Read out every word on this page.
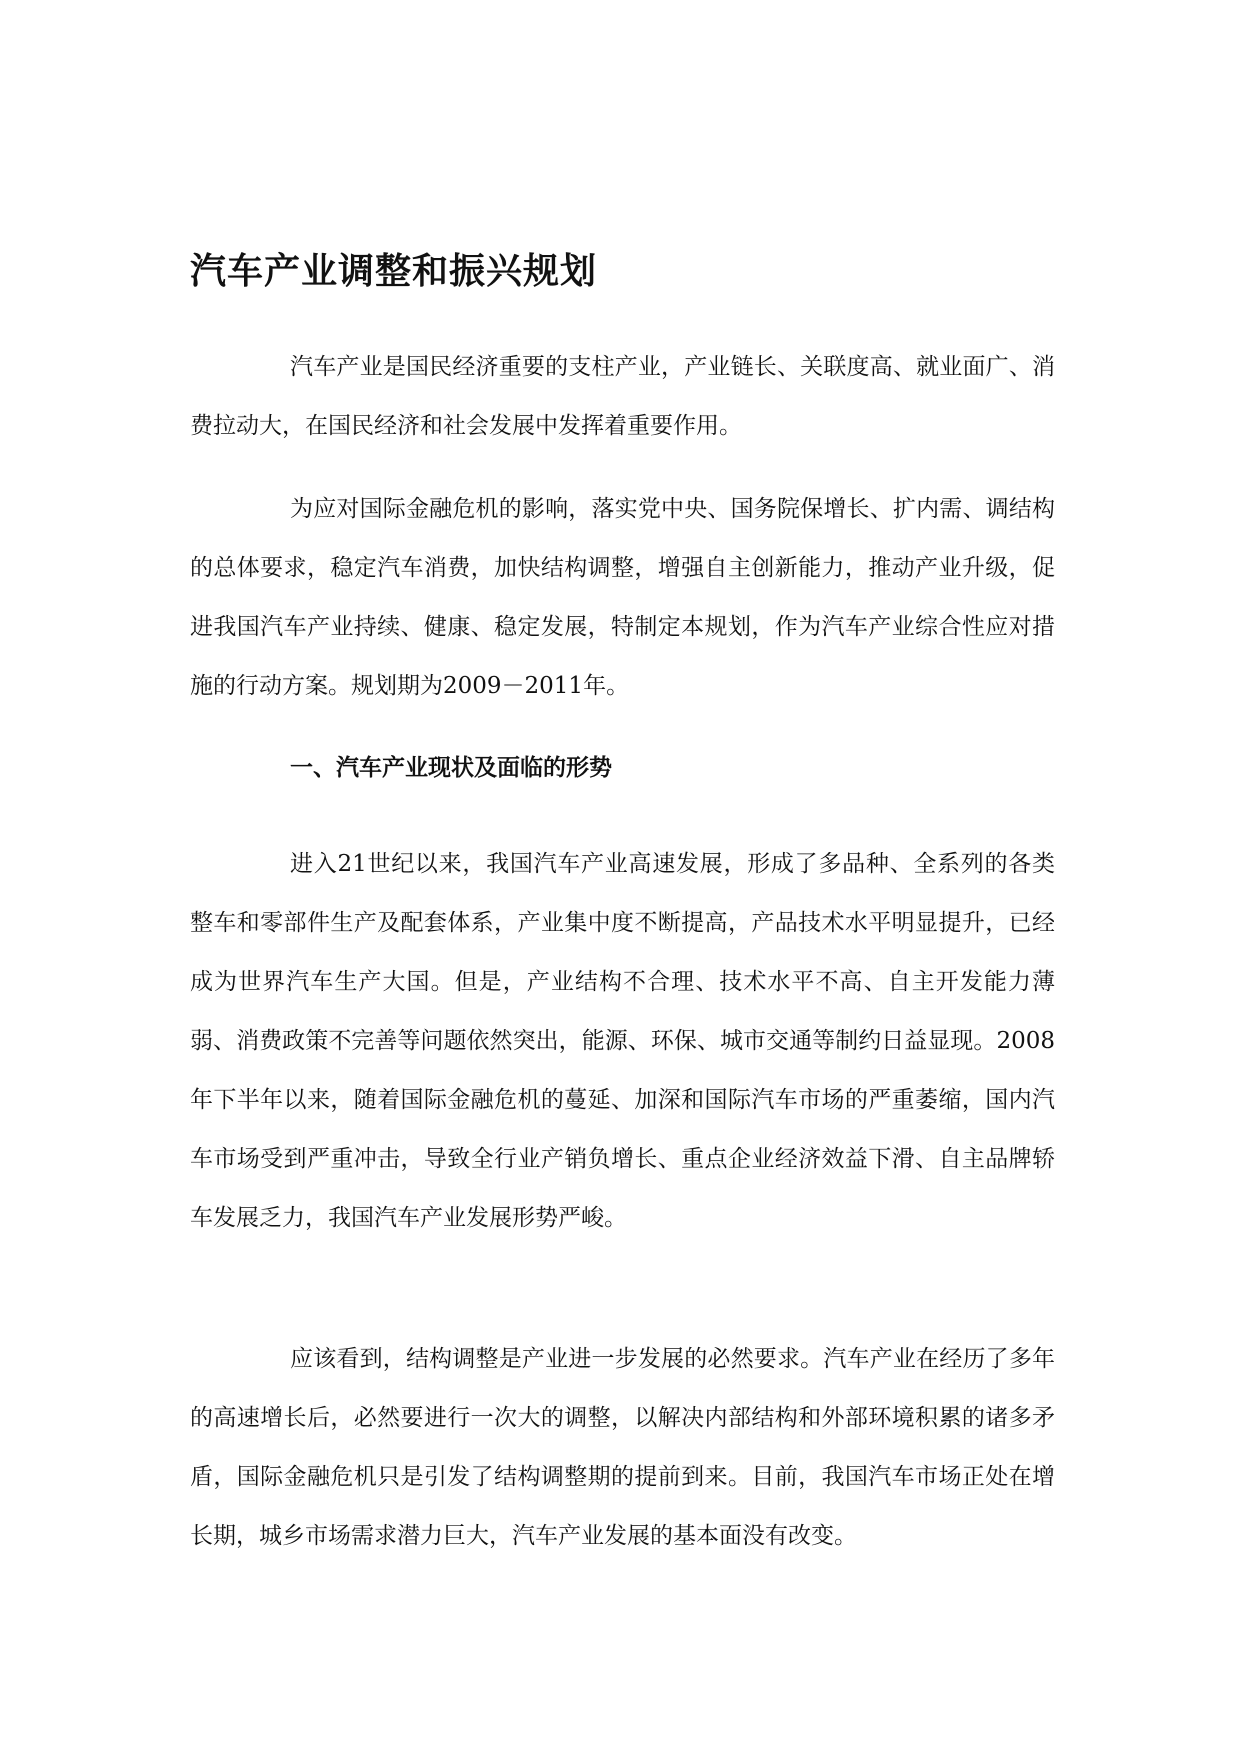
汽车产业调整和振兴规划

汽车产业是国民经济重要的支柱产业，产业链长、关联度高、就业面广、消费拉动大，在国民经济和社会发展中发挥着重要作用。

为应对国际金融危机的影响，落实党中央、国务院保增长、扩内需、调结构的总体要求，稳定汽车消费，加快结构调整，增强自主创新能力，推动产业升级，促进我国汽车产业持续、健康、稳定发展，特制定本规划，作为汽车产业综合性应对措施的行动方案。规划期为2009－2011年。

一、汽车产业现状及面临的形势

进入21世纪以来，我国汽车产业高速发展，形成了多品种、全系列的各类整车和零部件生产及配套体系，产业集中度不断提高，产品技术水平明显提升，已经成为世界汽车生产大国。但是，产业结构不合理、技术水平不高、自主开发能力薄弱、消费政策不完善等问题依然突出，能源、环保、城市交通等制约日益显现。2008年下半年以来，随着国际金融危机的蔓延、加深和国际汽车市场的严重萎缩，国内汽车市场受到严重冲击，导致全行业产销负增长、重点企业经济效益下滑、自主品牌轿车发展乏力，我国汽车产业发展形势严峻。

应该看到，结构调整是产业进一步发展的必然要求。汽车产业在经历了多年的高速增长后，必然要进行一次大的调整，以解决内部结构和外部环境积累的诸多矛盾，国际金融危机只是引发了结构调整期的提前到来。目前，我国汽车市场正处在增长期，城乡市场需求潜力巨大，汽车产业发展的基本面没有改变。
